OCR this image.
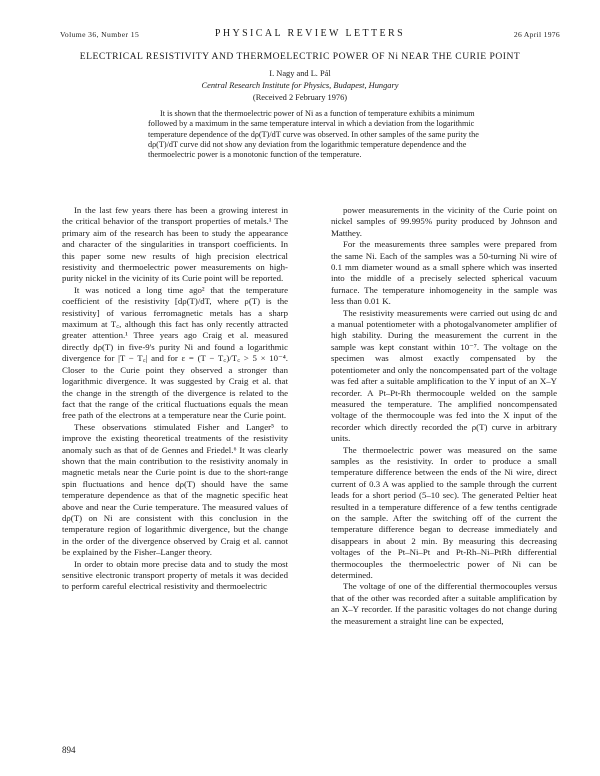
Volume 36, Number 15	PHYSICAL REVIEW LETTERS	26 April 1976
ELECTRICAL RESISTIVITY AND THERMOELECTRIC POWER OF Ni NEAR THE CURIE POINT
I. Nagy and L. Pál
Central Research Institute for Physics, Budapest, Hungary
(Received 2 February 1976)

It is shown that the thermoelectric power of Ni as a function of temperature exhibits a minimum followed by a maximum in the same temperature interval in which a deviation from the logarithmic temperature dependence of the dρ(T)/dT curve was observed. In other samples of the same purity the dρ(T)/dT curve did not show any deviation from the logarithmic temperature dependence and the thermoelectric power is a monotonic function of the temperature.

In the last few years there has been a growing interest in the critical behavior of the transport properties of metals.¹ The primary aim of the research has been to study the appearance and character of the singularities in transport coefficients. In this paper some new results of high precision electrical resistivity and thermoelectric power measurements on high-purity nickel in the vicinity of its Curie point will be reported.

It was noticed a long time ago² that the temperature coefficient of the resistivity [dρ(T)/dT, where ρ(T) is the resistivity] of various ferromagnetic metals has a sharp maximum at T꜀, although this fact has only recently attracted greater attention.¹ Three years ago Craig et al. measured directly dρ(T) in five-9's purity Ni and found a logarithmic divergence for |T − T꜀| and for ε = (T − T꜀)/T꜀ > 5 × 10⁻⁴. Closer to the Curie point they observed a stronger than logarithmic divergence. It was suggested by Craig et al. that the change in the strength of the divergence is related to the fact that the range of the critical fluctuations equals the mean free path of the electrons at a temperature near the Curie point.

These observations stimulated Fisher and Langer⁵ to improve the existing theoretical treatments of the resistivity anomaly such as that of de Gennes and Friedel.⁶ It was clearly shown that the main contribution to the resistivity anomaly in magnetic metals near the Curie point is due to the short-range spin fluctuations and hence dρ(T) should have the same temperature dependence as that of the magnetic specific heat above and near the Curie temperature. The measured values of dρ(T) on Ni are consistent with this conclusion in the temperature region of logarithmic divergence, but the change in the order of the divergence observed by Craig et al. cannot be explained by the Fisher–Langer theory.

In order to obtain more precise data and to study the most sensitive electronic transport property of metals it was decided to perform careful electrical resistivity and thermoelectric

power measurements in the vicinity of the Curie point on nickel samples of 99.995% purity produced by Johnson and Matthey.

For the measurements three samples were prepared from the same Ni. Each of the samples was a 50-turning Ni wire of 0.1 mm diameter wound as a small sphere which was inserted into the middle of a precisely selected spherical vacuum furnace. The temperature inhomogeneity in the sample was less than 0.01 K.

The resistivity measurements were carried out using dc and a manual potentiometer with a photogalvanometer amplifier of high stability. During the measurement the current in the sample was kept constant within 10⁻⁷. The voltage on the specimen was almost exactly compensated by the potentiometer and only the noncompensated part of the voltage was fed after a suitable amplification to the Y input of an X–Y recorder. A Pt–Pt-Rh thermocouple welded on the sample measured the temperature. The amplified noncompensated voltage of the thermocouple was fed into the X input of the recorder which directly recorded the ρ(T) curve in arbitrary units.

The thermoelectric power was measured on the same samples as the resistivity. In order to produce a small temperature difference between the ends of the Ni wire, direct current of 0.3 A was applied to the sample through the current leads for a short period (5–10 sec). The generated Peltier heat resulted in a temperature difference of a few tenths centigrade on the sample. After the switching off of the current the temperature difference began to decrease immediately and disappears in about 2 min. By measuring this decreasing voltages of the Pt–Ni–Pt and Pt-Rh–Ni–PtRh differential thermocouples the thermoelectric power of Ni can be determined.

The voltage of one of the differential thermocouples versus that of the other was recorded after a suitable amplification by an X–Y recorder. If the parasitic voltages do not change during the measurement a straight line can be expected,

894
